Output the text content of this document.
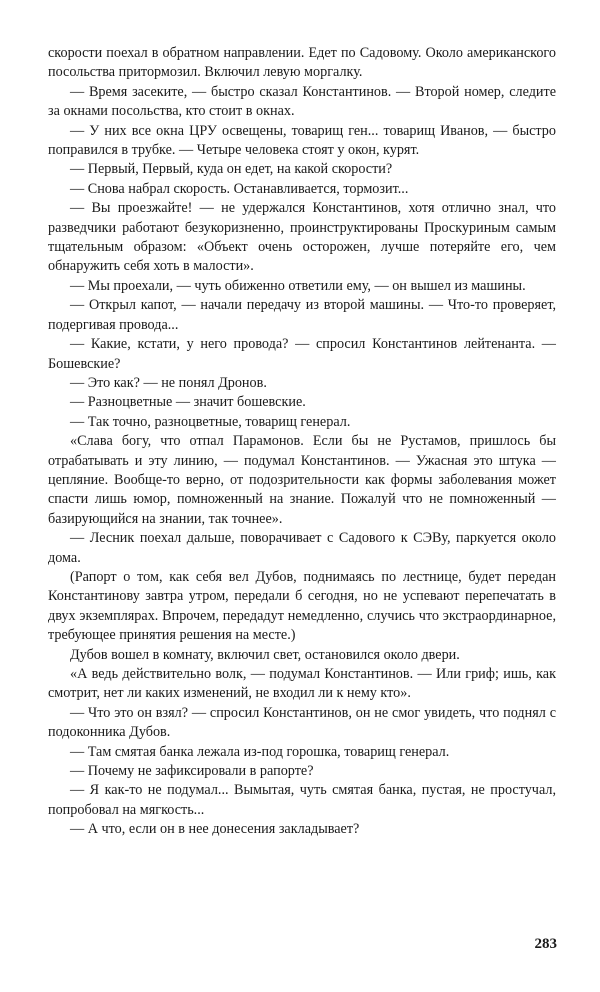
скорости поехал в обратном направлении. Едет по Садовому. Около американского посольства притормозил. Включил левую моргалку.

— Время засеките, — быстро сказал Константинов. — Второй номер, следите за окнами посольства, кто стоит в окнах.

— У них все окна ЦРУ освещены, товарищ ген... товарищ Иванов, — быстро поправился в трубке. — Четыре человека стоят у окон, курят.

— Первый, Первый, куда он едет, на какой скорости?

— Снова набрал скорость. Останавливается, тормозит...

— Вы проезжайте! — не удержался Константинов, хотя отлично знал, что разведчики работают безукоризненно, проинструктированы Проскуриным самым тщательным образом: «Объект очень осторожен, лучше потеряйте его, чем обнаружить себя хоть в малости».

— Мы проехали, — чуть обиженно ответили ему, — он вышел из машины.

— Открыл капот, — начали передачу из второй машины. — Что-то проверяет, подергивая провода...

— Какие, кстати, у него провода? — спросил Константинов лейтенанта. — Бошевские?

— Это как? — не понял Дронов.

— Разноцветные — значит бошевские.

— Так точно, разноцветные, товарищ генерал.

«Слава богу, что отпал Парамонов. Если бы не Рустамов, пришлось бы отрабатывать и эту линию, — подумал Константинов. — Ужасная это штука — цепляние. Вообще-то верно, от подозрительности как формы заболевания может спасти лишь юмор, помноженный на знание. Пожалуй что не помноженный — базирующийся на знании, так точнее».

— Лесник поехал дальше, поворачивает с Садового к СЭВу, паркуется около дома.

(Рапорт о том, как себя вел Дубов, поднимаясь по лестнице, будет передан Константинову завтра утром, передали б сегодня, но не успевают перепечатать в двух экземплярах. Впрочем, передадут немедленно, случись что экстраординарное, требующее принятия решения на месте.)

Дубов вошел в комнату, включил свет, остановился около двери.

«А ведь действительно волк, — подумал Константинов. — Или гриф; ишь, как смотрит, нет ли каких изменений, не входил ли к нему кто».

— Что это он взял? — спросил Константинов, он не смог увидеть, что поднял с подоконника Дубов.

— Там смятая банка лежала из-под горошка, товарищ генерал.

— Почему не зафиксировали в рапорте?

— Я как-то не подумал... Вымытая, чуть смятая банка, пустая, не простучал, попробовал на мягкость...

— А что, если он в нее донесения закладывает?

283
